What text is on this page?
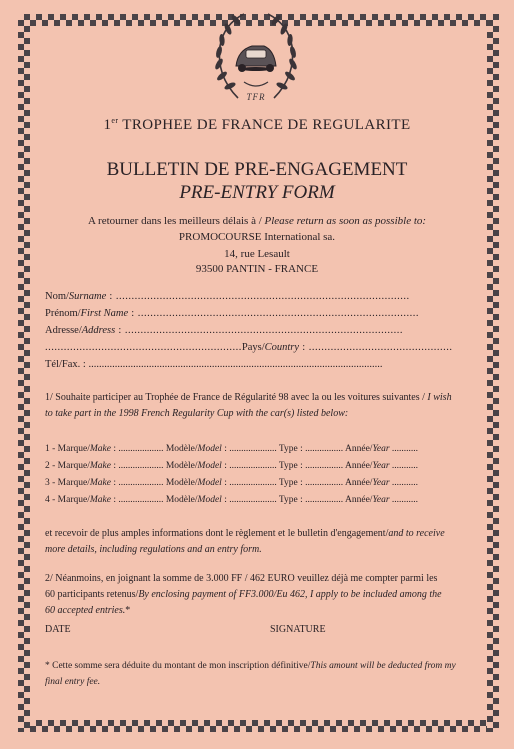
TFR
1er TROPHEE DE FRANCE DE REGULARITE
BULLETIN DE PRE-ENGAGEMENT
PRE-ENTRY FORM
A retourner dans les meilleurs délais à / Please return as soon as possible to:
PROMOCOURSE International sa.
14, rue Lesault
93500 PANTIN - FRANCE
Nom/Surname : ..............................................................................................
Prénom/First Name : ..........................................................................................
Adresse/Address : .........................................................................................
...............................................................Pays/Country : ..............................................
Tél/Fax. : ................................................................................................................
1/ Souhaite participer au Trophée de France de Régularité 98 avec la ou les voitures suivantes / I wish
to take part in the 1998 French Regularity Cup with the car(s) listed below:
1 - Marque/Make : ................... Modèle/Model : .................... Type : ................ Année/Year ...........
2 - Marque/Make : ................... Modèle/Model : .................... Type : ................ Année/Year ...........
3 - Marque/Make : ................... Modèle/Model : .................... Type : ................ Année/Year ...........
4 - Marque/Make : ................... Modèle/Model : .................... Type : ................ Année/Year ...........
et recevoir de plus amples informations dont le règlement et le bulletin d'engagement/and to receive
more details, including regulations and an entry form.
2/ Néanmoins, en joignant la somme de 3.000 FF / 462 EURO veuillez déjà me compter parmi les
60 participants retenus/By enclosing payment of FF3.000/Eu 462, I apply to be included among the
60 accepted entries.*
DATE	SIGNATURE
* Cette somme sera déduite du montant de mon inscription définitive/This amount will be deducted from my
final entry fee.
